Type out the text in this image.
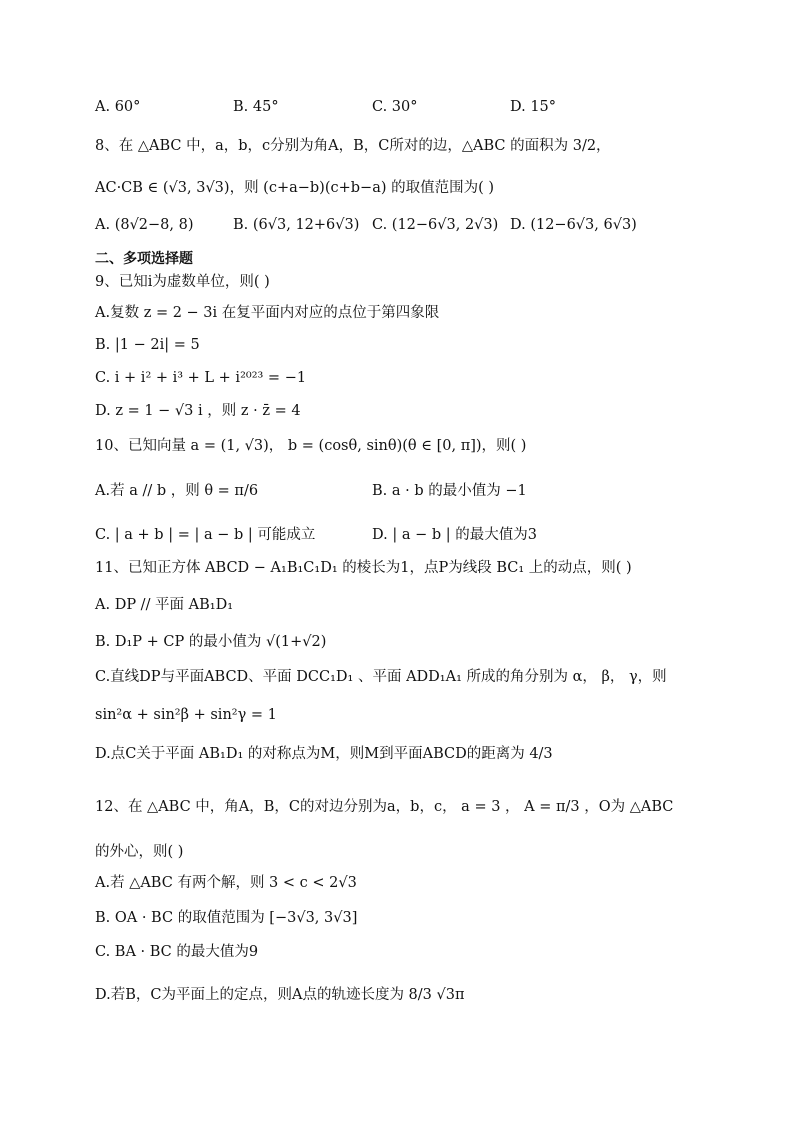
A. 60°	B. 45°	C. 30°	D. 15°
8、在 △ABC 中，a，b，c分别为角A，B，C所对的边，△ABC 的面积为 3/2，
AC·CB ∈ (√3, 3√3)，则 (c+a−b)(c+b−a) 的取值范围为( )
A. (8√2−8, 8)	B. (6√3, 12+6√3) C. (12−6√3, 2√3) D. (12−6√3, 6√3)
二、多项选择题
9、已知i为虚数单位，则( )
A.复数 z = 2 − 3i 在复平面内对应的点位于第四象限
B. |1 − 2i| = 5
C. i + i² + i³ + L + i²⁰²³ = −1
D. z = 1 − √3 i ，则 z · z̄ = 4
10、已知向量 a = (1, √3)， b = (cosθ, sinθ)(θ ∈ [0, π])，则( )
A.若 a // b ，则 θ = π/6	B. a · b 的最小值为 −1
C. | a + b | = | a − b | 可能成立	D. | a − b | 的最大值为3
11、已知正方体 ABCD − A₁B₁C₁D₁ 的棱长为1，点P为线段 BC₁ 上的动点，则( )
A. DP // 平面 AB₁D₁
B. D₁P + CP 的最小值为 √(1+√2)
C.直线DP与平面ABCD、平面 DCC₁D₁ 、平面 ADD₁A₁ 所成的角分别为 α， β， γ，则
sin²α + sin²β + sin²γ = 1
D.点C关于平面 AB₁D₁ 的对称点为M，则M到平面ABCD的距离为 4/3
12、在 △ABC 中，角A，B，C的对边分别为a，b，c， a = 3 ， A = π/3 ，O为 △ABC
的外心，则( )
A.若 △ABC 有两个解，则 3 < c < 2√3
B. OA · BC 的取值范围为 [−3√3, 3√3]
C. BA · BC 的最大值为9
D.若B，C为平面上的定点，则A点的轨迹长度为 8/3 √3π
